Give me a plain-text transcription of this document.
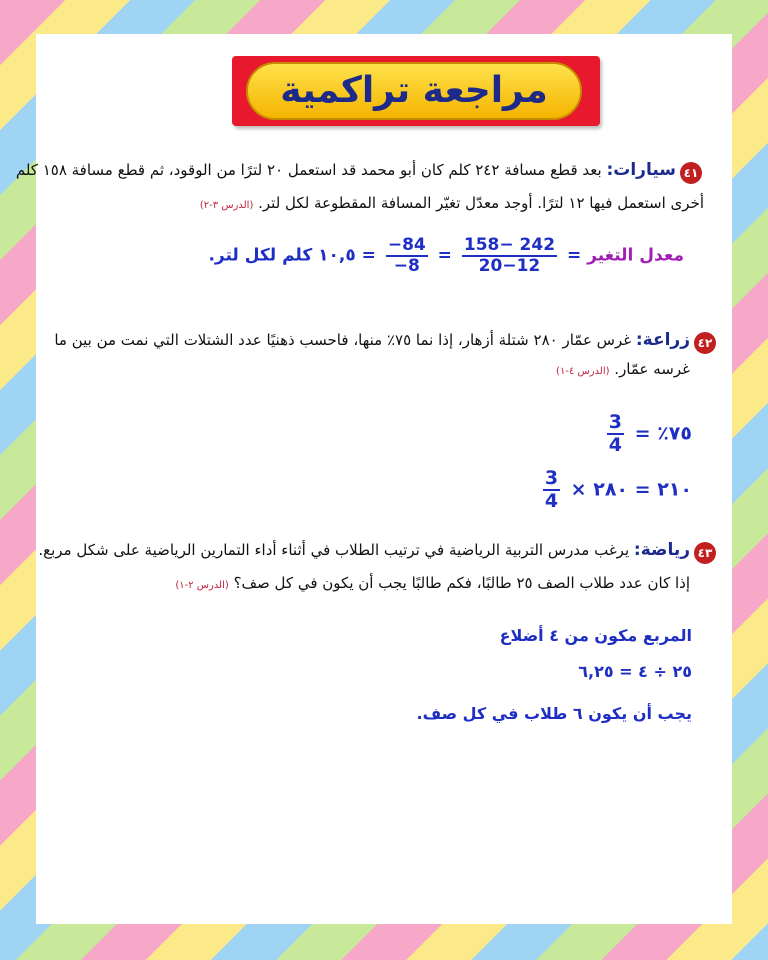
مراجعة تراكمية
٤١
سيارات: بعد قطع مسافة ٢٤٢ كلم كان أبو محمد قد استعمل ٢٠ لترًا من الوقود، ثم قطع مسافة ١٥٨ كلم
أخرى استعمل فيها ١٢ لترًا. أوجد معدّل تغيّر المسافة المقطوعة لكل لتر. (الدرس ٣-٢)
معدل التغير =
$\frac{242 -158}{20-12}$
=
$\frac{84-}{8-}$
= ١٠,٥ كلم لكل لتر.
٤٢
زراعة: غرس عمّار ٢٨٠ شتلة أزهار، إذا نما ٧٥٪ منها، فاحسب ذهنيًا عدد الشتلات التي نمت من بين ما
غرسه عمّار. (الدرس ٤-١)
٧٥٪ =
$\frac{3}{4}$
٢١٠ = ٢٨٠ ×
$\frac{3}{4}$
٤٣
رياضة: يرغب مدرس التربية الرياضية في ترتيب الطلاب في أثناء أداء التمارين الرياضية على شكل مربع.
إذا كان عدد طلاب الصف ٢٥ طالبًا، فكم طالبًا يجب أن يكون في كل صف؟ (الدرس ٢-١)
المربع مكون من ٤ أضلاع
٢٥ ÷ ٤ = ٦,٢٥
يجب أن يكون ٦ طلاب في كل صف.
